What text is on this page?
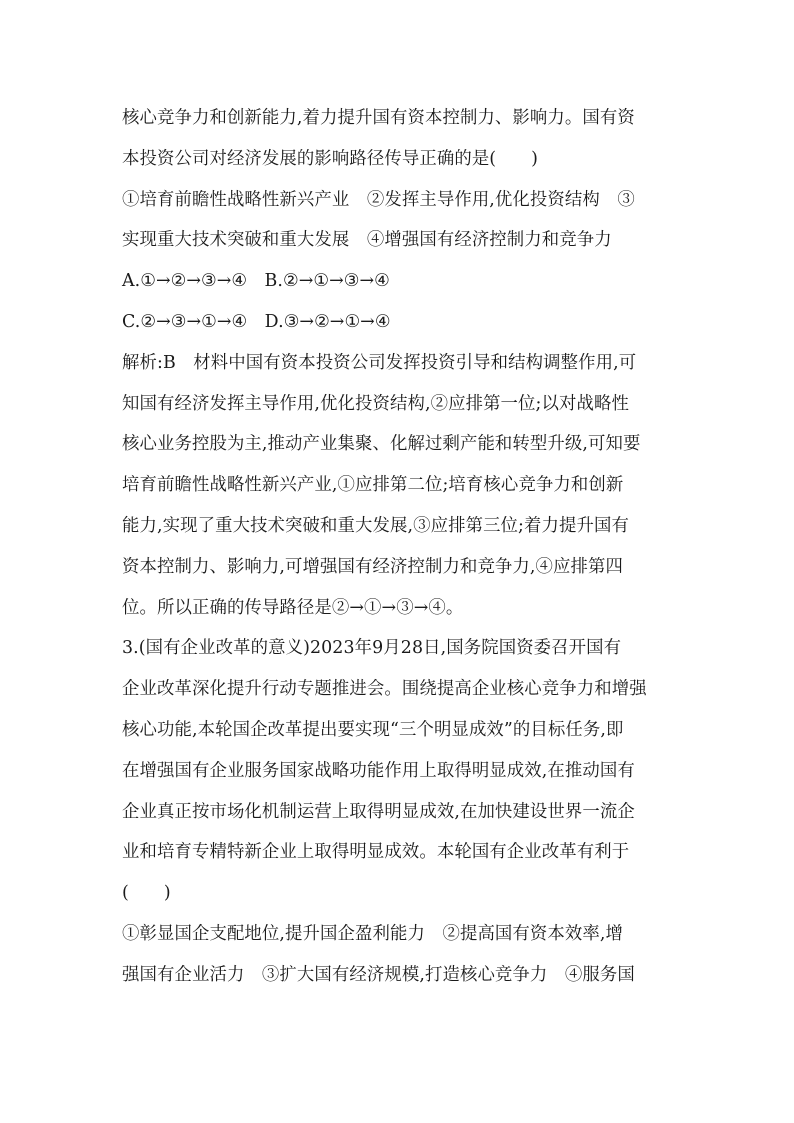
核心竞争力和创新能力,着力提升国有资本控制力、影响力。国有资
本投资公司对经济发展的影响路径传导正确的是(　　)
①培育前瞻性战略性新兴产业　②发挥主导作用,优化投资结构　③
实现重大技术突破和重大发展　④增强国有经济控制力和竞争力
A.①→②→③→④　B.②→①→③→④
C.②→③→①→④　D.③→②→①→④
解析:B　材料中国有资本投资公司发挥投资引导和结构调整作用,可
知国有经济发挥主导作用,优化投资结构,②应排第一位;以对战略性
核心业务控股为主,推动产业集聚、化解过剩产能和转型升级,可知要
培育前瞻性战略性新兴产业,①应排第二位;培育核心竞争力和创新
能力,实现了重大技术突破和重大发展,③应排第三位;着力提升国有
资本控制力、影响力,可增强国有经济控制力和竞争力,④应排第四
位。所以正确的传导路径是②→①→③→④。
3.(国有企业改革的意义)2023年9月28日,国务院国资委召开国有
企业改革深化提升行动专题推进会。围绕提高企业核心竞争力和增强
核心功能,本轮国企改革提出要实现“三个明显成效”的目标任务,即
在增强国有企业服务国家战略功能作用上取得明显成效,在推动国有
企业真正按市场化机制运营上取得明显成效,在加快建设世界一流企
业和培育专精特新企业上取得明显成效。本轮国有企业改革有利于
(　　)
①彰显国企支配地位,提升国企盈利能力　②提高国有资本效率,增
强国有企业活力　③扩大国有经济规模,打造核心竞争力　④服务国
